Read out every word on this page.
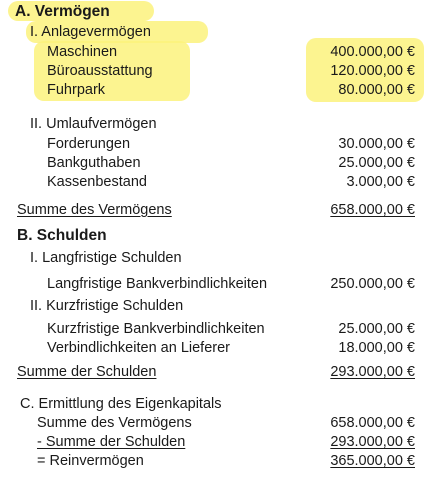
A. Vermögen
I. Anlagevermögen
Maschinen	400.000,00 €
Büroausstattung	120.000,00 €
Fuhrpark	80.000,00 €
II. Umlaufvermögen
Forderungen	30.000,00 €
Bankguthaben	25.000,00 €
Kassenbestand	3.000,00 €
Summe des Vermögens	658.000,00 €
B. Schulden
I. Langfristige Schulden
Langfristige Bankverbindlichkeiten	250.000,00 €
II. Kurzfristige Schulden
Kurzfristige Bankverbindlichkeiten	25.000,00 €
Verbindlichkeiten an Lieferer	18.000,00 €
Summe der Schulden	293.000,00 €
C. Ermittlung des Eigenkapitals
Summe des Vermögens	658.000,00 €
- Summe der Schulden	293.000,00 €
= Reinvermögen	365.000,00 €
